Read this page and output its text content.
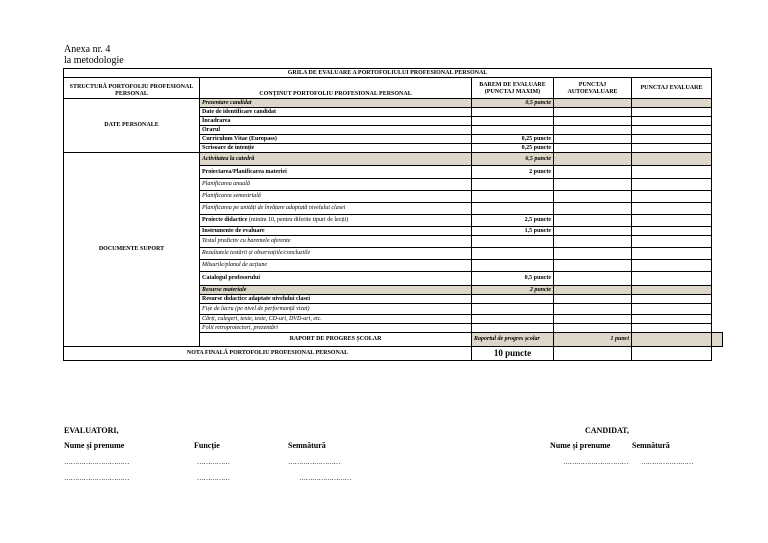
Anexa nr. 4
la metodologie
GRILA DE EVALUARE A PORTOFOLIULUI PROFESIONAL PERSONAL					
STRUCTURĂ PORTOFOLIU PROFESIONAL PERSONAL	CONȚINUT PORTOFOLIU PROFESIONAL PERSONAL	BAREM DE EVALUARE (PUNCTAJ MAXIM)	PUNCTAJ AUTOEVALUARE	PUNCTAJ EVALUARE	
DATE PERSONALE	Prezentare candidat	0,5 puncte			
	Date de identificare candidat				
	Încadrarea				
	Orarul				
	Curriculum Vitae (Europass)	0,25 puncte			
	Scrisoare de intenție	0,25 puncte			
DOCUMENTE SUPORT	Activitatea la catedră	6,5 puncte			
	Proiectarea/Planificarea materiei	2 puncte			
	Planificarea anuală				
	Planificarea semestrială				
	Planificarea pe unități de învățare adaptată nivelului clasei				
	Proiecte didactice (minim 10, pentru diferite tipuri de lecții)	2,5 puncte			
	Instrumente de evaluare	1,5 puncte			
	Testul predictiv cu baremele aferente				
	Rezultatele testării și observațiile/concluziile				
	Măsurile/planul de acțiune				
	Catalogul profesorului	0,5 puncte			
	Resurse materiale	2 puncte			
	Resurse didactice adaptate nivelului clasei				
	Fișe de lucru (pe nivel de performanță vizat)				
	Cărți, culegeri, texte, teste, CD-uri, DVD-uri, etc.				
	Folii retroproiectori, prezentări				
	RAPORT DE PROGRES ȘCOLAR	Raportul de progres școlar	1 punct		
NOTA FINALĂ PORTOFOLIU PROFESIONAL PERSONAL		10 puncte			
EVALUATORI,	CANDIDAT,
Nume și prenume	Funcție	Semnătură	Nume și prenume	Semnătură
…………………………	……………	……………………
…………………………	……………	……………………
………………………… ……………………
